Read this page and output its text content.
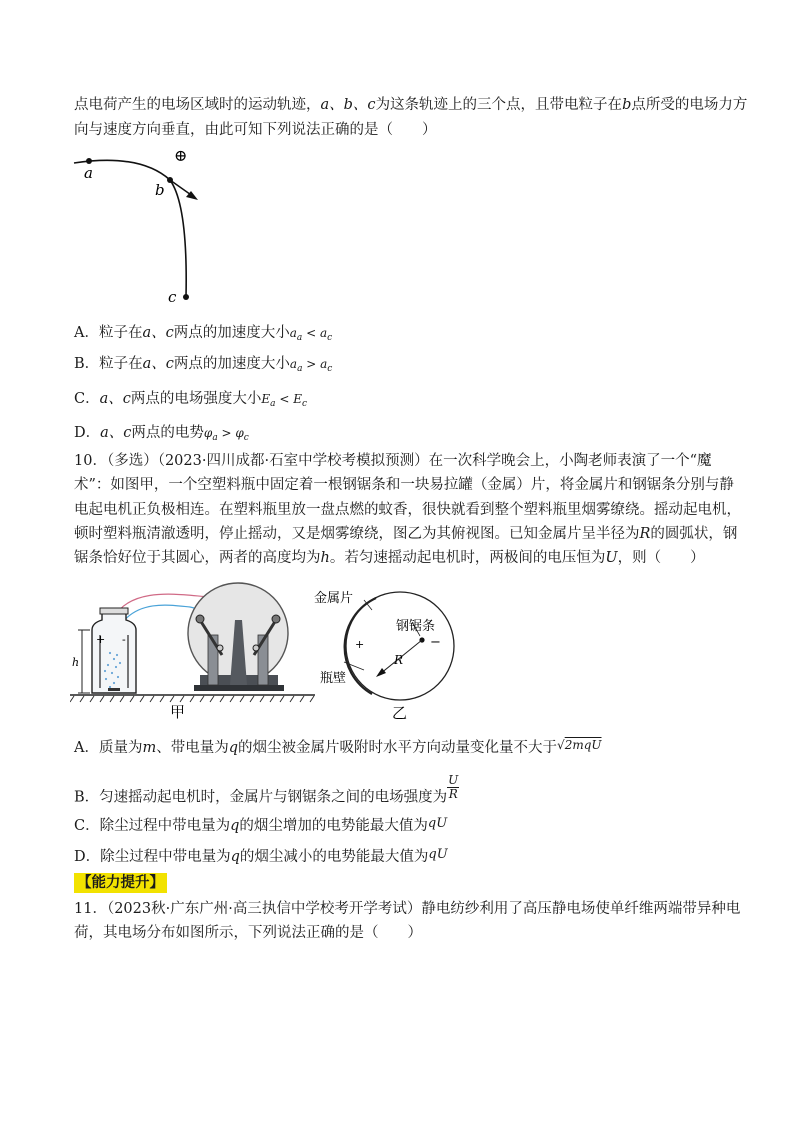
点电荷产生的电场区域时的运动轨迹，a、b、c为这条轨迹上的三个点，且带电粒子在b点所受的电场力方
向与速度方向垂直，由此可知下列说法正确的是（　　）
⊕
a
b
c
A．粒子在a、c两点的加速度大小$a_a < a_c$
B．粒子在a、c两点的加速度大小$a_a > a_c$
C．a、c两点的电场强度大小$E_a < E_c$
D．a、c两点的电势$\varphi_a > \varphi_c$
10．（多选）（2023·四川成都·石室中学校考模拟预测）在一次科学晚会上，小陶老师表演了一个“魔
术”：如图甲，一个空塑料瓶中固定着一根钢锯条和一块易拉罐（金属）片，将金属片和钢锯条分别与静
电起电机正负极相连。在塑料瓶里放一盘点燃的蚊香，很快就看到整个塑料瓶里烟雾缭绕。摇动起电机，
顿时塑料瓶清澈透明，停止摇动，又是烟雾缭绕，图乙为其俯视图。已知金属片呈半径为R的圆弧状，钢
锯条恰好位于其圆心，两者的高度均为h。若匀速摇动起电机时，两极间的电压恒为U，则（　　）
+ -
h
甲
金属片
钢锯条
瓶壁
R
+	−
乙
A．质量为m、带电量为q的烟尘被金属片吸附时水平方向动量变化量不大于$^{√2mqU}$
B．匀速摇动起电机时，金属片与钢锯条之间的电场强度为 $\frac{U}{R}$
C．除尘过程中带电量为q的烟尘增加的电势能最大值为qU
D．除尘过程中带电量为q的烟尘减小的电势能最大值为qU
【能力提升】
11．（2023秋·广东广州·高三执信中学校考开学考试）静电纺纱利用了高压静电场使单纤维两端带异种电
荷，其电场分布如图所示，下列说法正确的是（　　）
